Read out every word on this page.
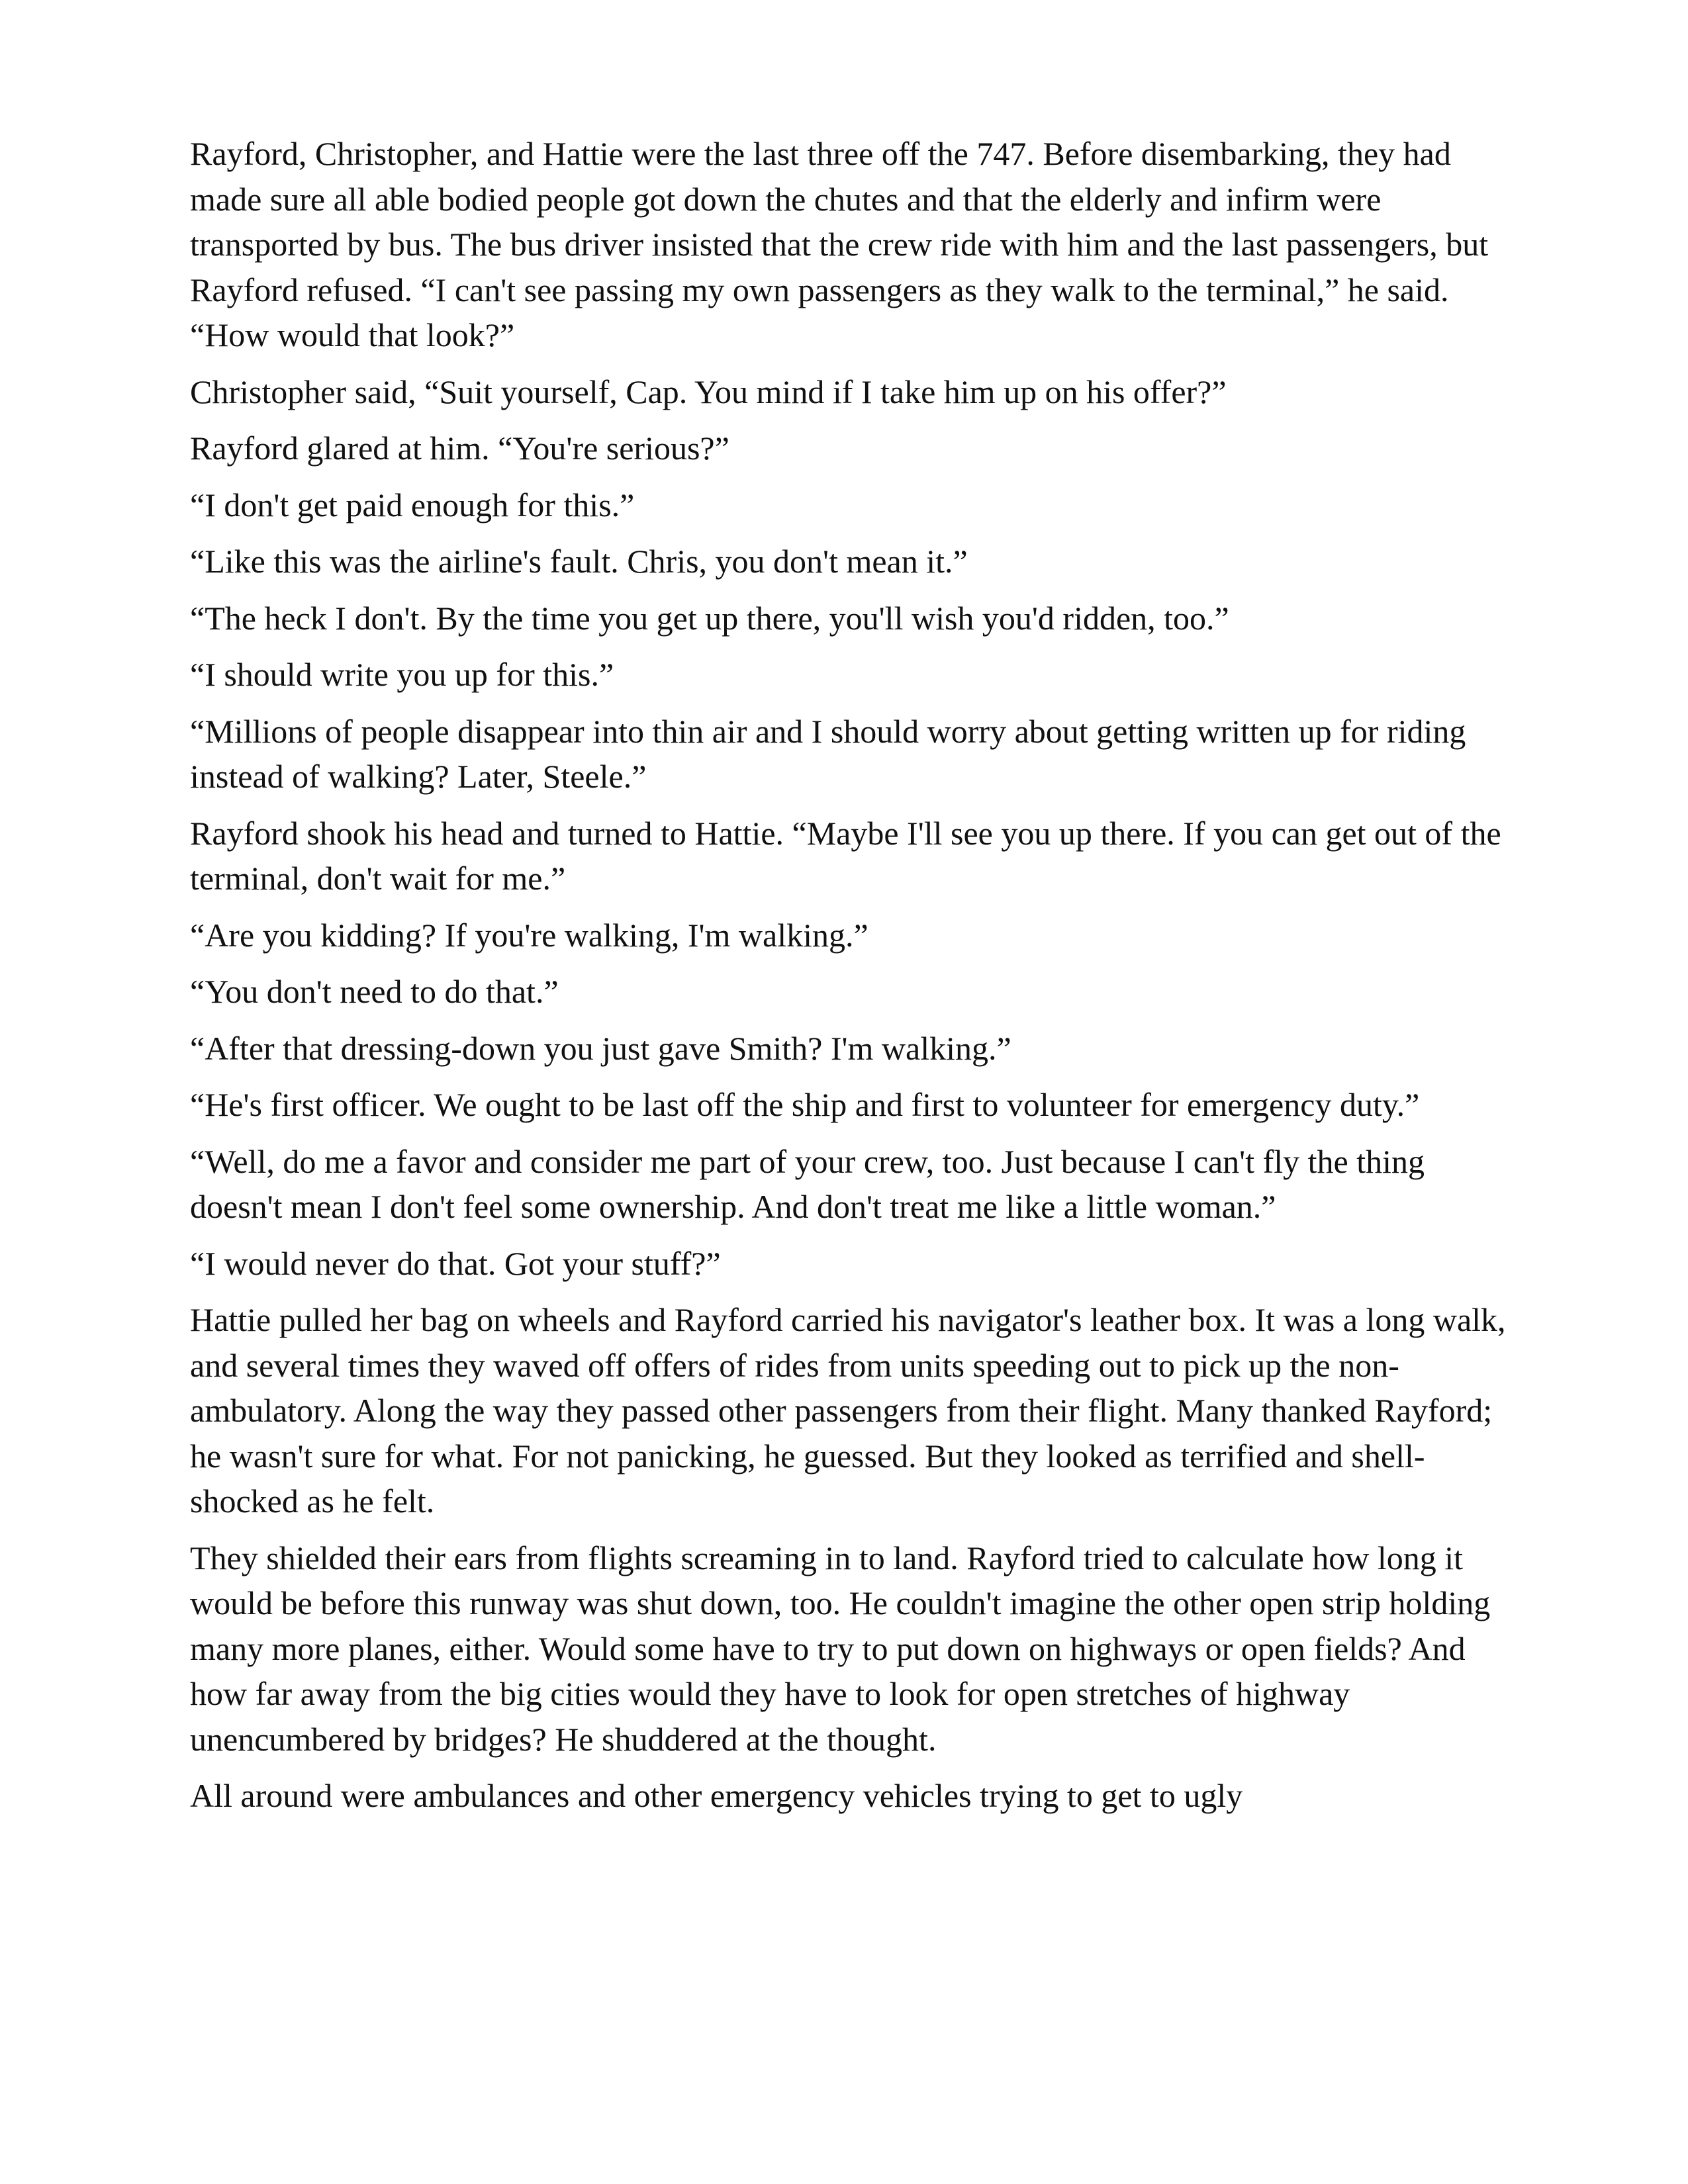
Rayford, Christopher, and Hattie were the last three off the 747. Before disembarking, they had made sure all able bodied people got down the chutes and that the elderly and infirm were transported by bus. The bus driver insisted that the crew ride with him and the last passengers, but Rayford refused. “I can't see passing my own passengers as they walk to the terminal,” he said. “How would that look?”

Christopher said, “Suit yourself, Cap. You mind if I take him up on his offer?”

Rayford glared at him. “You're serious?”

“I don't get paid enough for this.”

“Like this was the airline's fault. Chris, you don't mean it.”

“The heck I don't. By the time you get up there, you'll wish you'd ridden, too.”

“I should write you up for this.”

“Millions of people disappear into thin air and I should worry about getting written up for riding instead of walking? Later, Steele.”

Rayford shook his head and turned to Hattie. “Maybe I'll see you up there. If you can get out of the terminal, don't wait for me.”

“Are you kidding? If you're walking, I'm walking.”

“You don't need to do that.”

“After that dressing-down you just gave Smith? I'm walking.”

“He's first officer. We ought to be last off the ship and first to volunteer for emergency duty.”

“Well, do me a favor and consider me part of your crew, too. Just because I can't fly the thing doesn't mean I don't feel some ownership. And don't treat me like a little woman.”

“I would never do that. Got your stuff?”

Hattie pulled her bag on wheels and Rayford carried his navigator's leather box. It was a long walk, and several times they waved off offers of rides from units speeding out to pick up the non-ambulatory. Along the way they passed other passengers from their flight. Many thanked Rayford; he wasn't sure for what. For not panicking, he guessed. But they looked as terrified and shell-shocked as he felt.

They shielded their ears from flights screaming in to land. Rayford tried to calculate how long it would be before this runway was shut down, too. He couldn't imagine the other open strip holding many more planes, either. Would some have to try to put down on highways or open fields? And how far away from the big cities would they have to look for open stretches of highway unencumbered by bridges? He shuddered at the thought.

All around were ambulances and other emergency vehicles trying to get to ugly
